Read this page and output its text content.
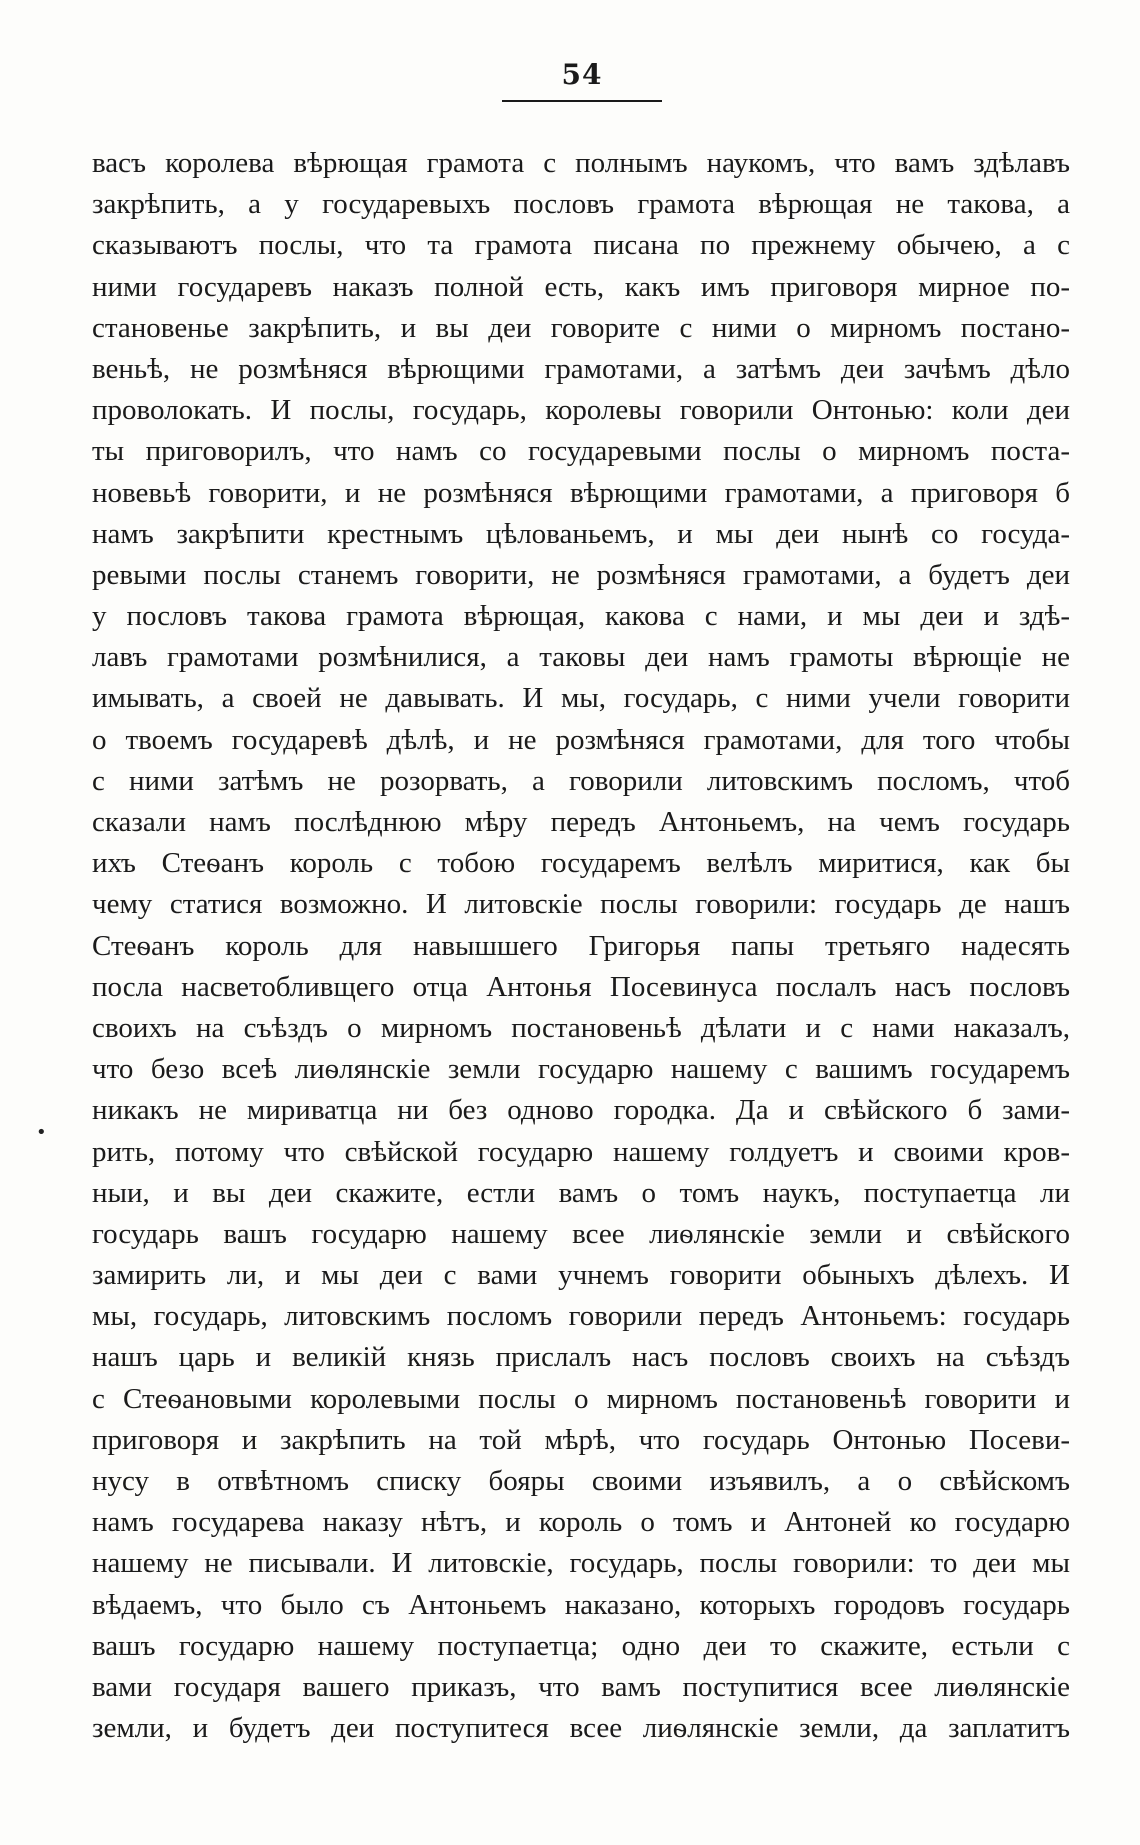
54
•
васъ королева вѣрющая грамота с полнымъ наукомъ, что вамъ здѣлавъ
закрѣпить, а у государевыхъ пословъ грамота вѣрющая не такова, а
сказываютъ послы, что та грамота писана по прежнему обычею, а с
ними государевъ наказъ полной есть, какъ имъ приговоря мирное по-
становенье закрѣпить, и вы деи говорите с ними о мирномъ постано-
веньѣ, не розмѣняся вѣрющими грамотами, а затѣмъ деи зачѣмъ дѣло
проволокать. И послы, государь, королевы говорили Онтонью: коли деи
ты приговорилъ, что намъ со государевыми послы о мирномъ поста-
новевьѣ говорити, и не розмѣняся вѣрющими грамотами, а приговоря б
намъ закрѣпити крестнымъ цѣлованьемъ, и мы деи нынѣ со госуда-
ревыми послы станемъ говорити, не розмѣняся грамотами, а будетъ деи
у пословъ такова грамота вѣрющая, какова с нами, и мы деи и здѣ-
лавъ грамотами розмѣнилися, а таковы деи намъ грамоты вѣрющіе не
имывать, а своей не давывать. И мы, государь, с ними учели говорити
о твоемъ государевѣ дѣлѣ, и не розмѣняся грамотами, для того чтобы
с ними затѣмъ не розорвать, а говорили литовскимъ посломъ, чтоб
сказали намъ послѣднюю мѣру передъ Антоньемъ, на чемъ государь
ихъ Стеѳанъ король с тобою государемъ велѣлъ миритися, как бы
чему статися возможно. И литовскіе послы говорили: государь де нашъ
Стеѳанъ король для навышшего Григорья папы третьяго надесять
посла насветобливщего отца Антонья Посевинуса послалъ насъ пословъ
своихъ на съѣздъ о мирномъ постановеньѣ дѣлати и с нами наказалъ,
что безо всеѣ лиѳлянскіе земли государю нашему с вашимъ государемъ
никакъ не мириватца ни без одново городка. Да и свѣйского б зами-
рить, потому что свѣйской государю нашему голдуетъ и своими кров-
ныи, и вы деи скажите, естли вамъ о томъ наукъ, поступаетца ли
государь вашъ государю нашему всее лиѳлянскіе земли и свѣйского
замирить ли, и мы деи с вами учнемъ говорити обыныхъ дѣлехъ. И
мы, государь, литовскимъ посломъ говорили передъ Антоньемъ: государь
нашъ царь и великій князь прислалъ насъ пословъ своихъ на съѣздъ
с Стеѳановыми королевыми послы о мирномъ постановеньѣ говорити и
приговоря и закрѣпить на той мѣрѣ, что государь Онтонью Посеви-
нусу в отвѣтномъ списку бояры своими изъявилъ, а о свѣйскомъ
намъ государева наказу нѣтъ, и король о томъ и Антоней ко государю
нашему не писывали. И литовскіе, государь, послы говорили: то деи мы
вѣдаемъ, что было съ Антоньемъ наказано, которыхъ городовъ государь
вашъ государю нашему поступаетца; одно деи то скажите, естьли с
вами государя вашего приказъ, что вамъ поступитися всее лиѳлянскіе
земли, и будетъ деи поступитеся всее лиѳлянскіе земли, да заплатитъ
